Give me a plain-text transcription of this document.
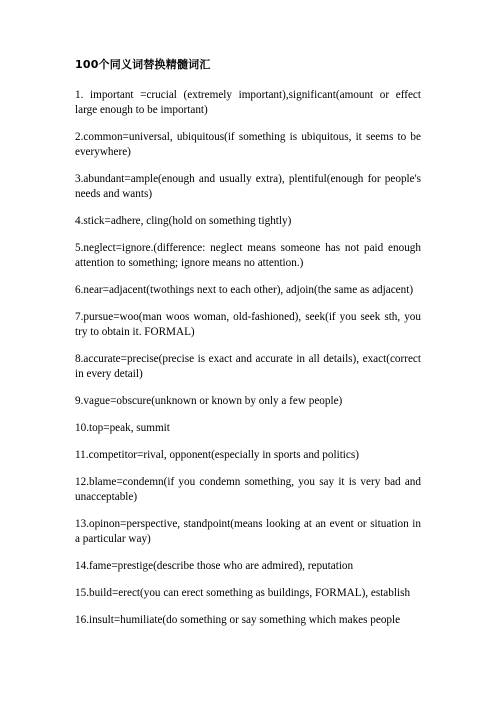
100个同义词替换精髓词汇

1. important =crucial (extremely important),significant(amount or effect large enough to be important)

2.common=universal, ubiquitous(if something is ubiquitous, it seems to be everywhere)

3.abundant=ample(enough and usually extra), plentiful(enough for people's needs and wants)

4.stick=adhere, cling(hold on something tightly)

5.neglect=ignore.(difference: neglect means someone has not paid enough attention to something; ignore means no attention.)

6.near=adjacent(twothings next to each other), adjoin(the same as adjacent)

7.pursue=woo(man woos woman, old-fashioned), seek(if you seek sth, you try to obtain it. FORMAL)

8.accurate=precise(precise is exact and accurate in all details), exact(correct in every detail)

9.vague=obscure(unknown or known by only a few people)

10.top=peak, summit

11.competitor=rival, opponent(especially in sports and politics)

12.blame=condemn(if you condemn something, you say it is very bad and unacceptable)

13.opinon=perspective, standpoint(means looking at an event or situation in a particular way)

14.fame=prestige(describe those who are admired), reputation

15.build=erect(you can erect something as buildings, FORMAL), establish

16.insult=humiliate(do something or say something which makes people
